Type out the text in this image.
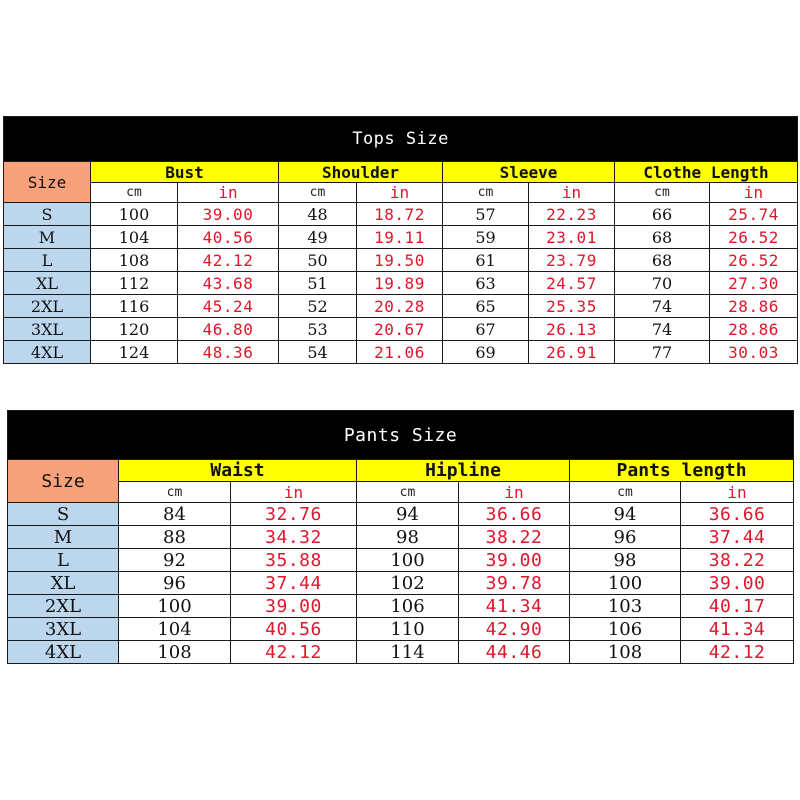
Tops Size								
Size	Bust		Shoulder		Sleeve		Clothe Length	
	cm	in	cm	in	cm	in	cm	in
S	100	39.00	48	18.72	57	22.23	66	25.74
M	104	40.56	49	19.11	59	23.01	68	26.52
L	108	42.12	50	19.50	61	23.79	68	26.52
XL	112	43.68	51	19.89	63	24.57	70	27.30
2XL	116	45.24	52	20.28	65	25.35	74	28.86
3XL	120	46.80	53	20.67	67	26.13	74	28.86
4XL	124	48.36	54	21.06	69	26.91	77	30.03
Pants Size						
Size	Waist		Hipline		Pants length	
	cm	in	cm	in	cm	in
S	84	32.76	94	36.66	94	36.66
M	88	34.32	98	38.22	96	37.44
L	92	35.88	100	39.00	98	38.22
XL	96	37.44	102	39.78	100	39.00
2XL	100	39.00	106	41.34	103	40.17
3XL	104	40.56	110	42.90	106	41.34
4XL	108	42.12	114	44.46	108	42.12
